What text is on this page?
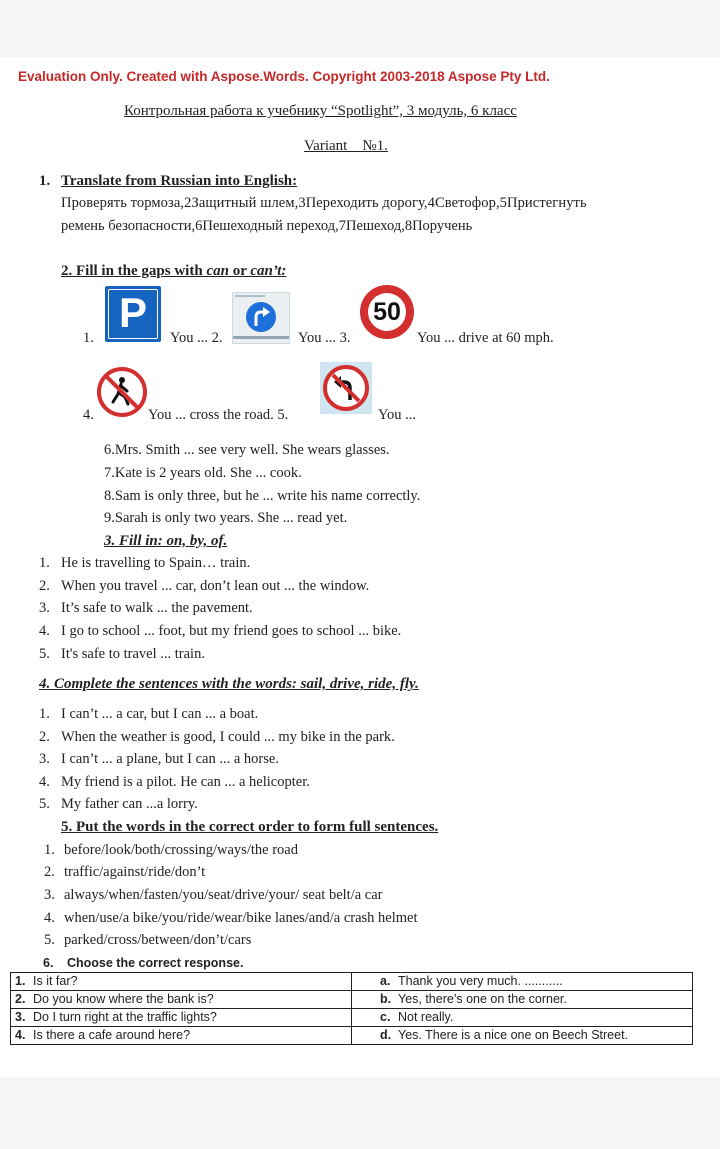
Evaluation Only. Created with Aspose.Words. Copyright 2003-2018 Aspose Pty Ltd.
Контрольная работа к учебнику “Spotlight”, 3 модуль, 6 класс
Variant    №1.
1. Translate from Russian into English:
Проверять тормоза,2Защитный шлем,3Переходить дорогу,4Светофор,5Пристегнуть
ремень безопасности,6Пешеходный переход,7Пешеход,8Поручень
2. Fill in the gaps with can or can’t:
1.
P
You ... 2.	You ... 3.
50
You ... drive at 60 mph.
4.	You ... cross the road. 5.	You ...
6.Mrs. Smith ... see very well. She wears glasses.
7.Kate is 2 years old. She ... cook.
8.Sam is only three, but he ... write his name correctly.
9.Sarah is only two years. She ... read yet.
3. Fill in: on, by, of.
1. He is travelling to Spain… train.
2. When you travel ... car, don’t lean out ... the window.
3. It’s safe to walk ... the pavement.
4. I go to school ... foot, but my friend goes to school ... bike.
5. It's safe to travel ... train.
4. Complete the sentences with the words: sail, drive, ride, fly.
1. I can’t ... a car, but I can ... a boat.
2. When the weather is good, I could ... my bike in the park.
3. I can’t ... a plane, but I can ... a horse.
4. My friend is a pilot. He can ... a helicopter.
5. My father can ...a lorry.
5. Put the words in the correct order to form full sentences.
1. before/look/both/crossing/ways/the road
2. traffic/against/ride/don’t
3. always/when/fasten/you/seat/drive/your/ seat belt/a car
4. when/use/a bike/you/ride/wear/bike lanes/and/a crash helmet
5. parked/cross/between/don’t/cars
6. Choose the correct response.
1. Is it far?	a. Thank you very much. ...........
2. Do you know where the bank is?	b. Yes, there’s one on the corner.
3. Do I turn right at the traffic lights?	c. Not really.
4. Is there a cafe around here?	d. Yes. There is a nice one on Beech Street.
